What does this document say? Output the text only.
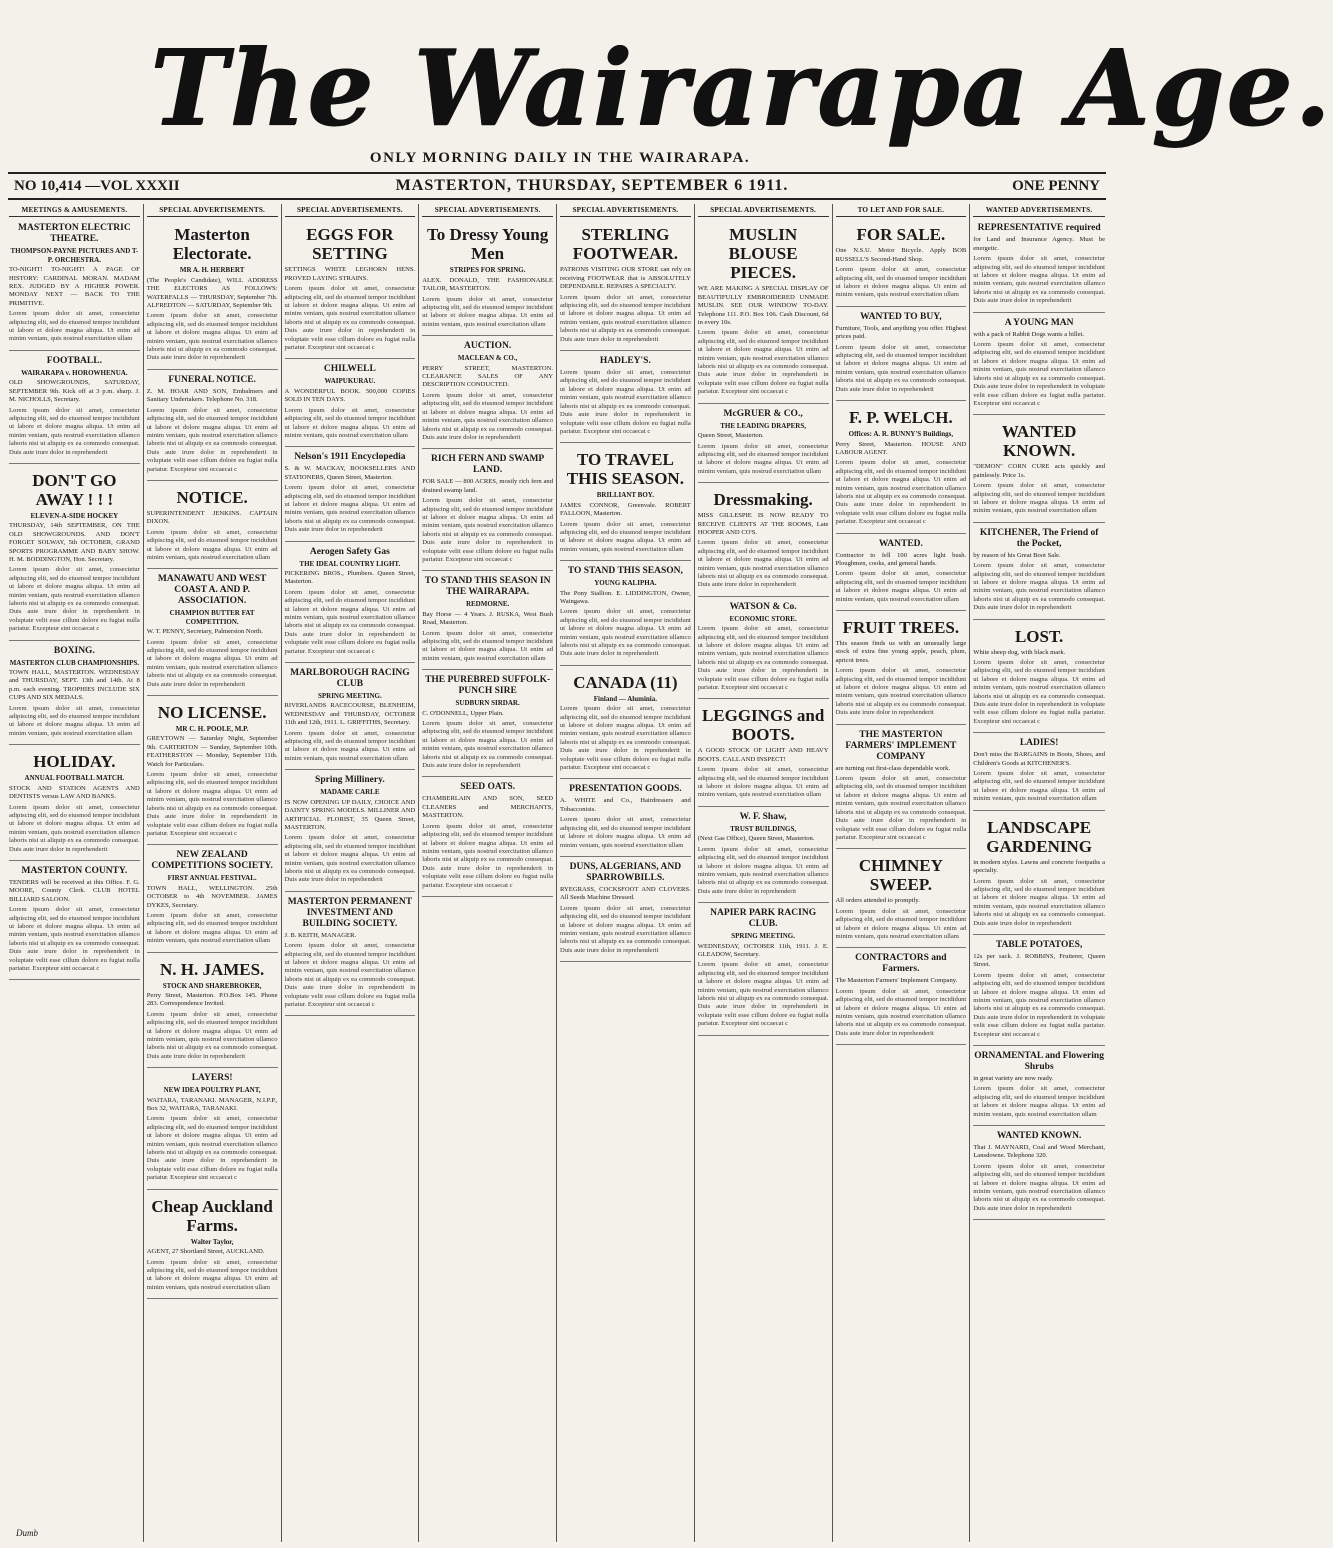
The Wairarapa Age.
ONLY MORNING DAILY IN THE WAIRARAPA.
NO 10,414 —VOL XXXII	MASTERTON, THURSDAY, SEPTEMBER 6 1911.	ONE PENNY
MEETINGS & AMUSEMENTS.
MASTERTON ELECTRIC THEATRE.
THOMPSON-PAYNE PICTURES AND T-P. ORCHESTRA.

TO-NIGHT! TO-NIGHT! A PAGE OF HISTORY: CARDINAL MORAN. MADAM REX. JUDGED BY A HIGHER POWER. MONDAY NEXT — BACK TO THE PRIMITIVE.

Lorem ipsum dolor sit amet, consectetur adipiscing elit, sed do eiusmod tempor incididunt ut labore et dolore magna aliqua. Ut enim ad minim veniam, quis nostrud exercitation ullam

FOOTBALL.
WAIRARAPA v. HOROWHENUA.

OLD SHOWGROUNDS, SATURDAY, SEPTEMBER 9th. Kick off at 3 p.m. sharp. J. M. NICHOLLS, Secretary.

Lorem ipsum dolor sit amet, consectetur adipiscing elit, sed do eiusmod tempor incididunt ut labore et dolore magna aliqua. Ut enim ad minim veniam, quis nostrud exercitation ullamco laboris nisi ut aliquip ex ea commodo consequat. Duis aute irure dolor in reprehenderit

DON'T GO AWAY ! ! !
ELEVEN-A-SIDE HOCKEY

THURSDAY, 14th SEPTEMBER, ON THE OLD SHOWGROUNDS. AND DON'T FORGET SOLWAY, 5th OCTOBER, GRAND SPORTS PROGRAMME AND BABY SHOW. H. M. BODDINGTON, Hon. Secretary.

Lorem ipsum dolor sit amet, consectetur adipiscing elit, sed do eiusmod tempor incididunt ut labore et dolore magna aliqua. Ut enim ad minim veniam, quis nostrud exercitation ullamco laboris nisi ut aliquip ex ea commodo consequat. Duis aute irure dolor in reprehenderit in voluptate velit esse cillum dolore eu fugiat nulla pariatur. Excepteur sint occaecat c

BOXING.
MASTERTON CLUB CHAMPIONSHIPS.

TOWN HALL, MASTERTON. WEDNESDAY and THURSDAY, SEPT. 13th and 14th. At 8 p.m. each evening. TROPHIES INCLUDE SIX CUPS AND SIX MEDALS.

Lorem ipsum dolor sit amet, consectetur adipiscing elit, sed do eiusmod tempor incididunt ut labore et dolore magna aliqua. Ut enim ad minim veniam, quis nostrud exercitation ullam

HOLIDAY.
ANNUAL FOOTBALL MATCH.

STOCK AND STATION AGENTS AND DENTISTS versus LAW AND BANKS.

Lorem ipsum dolor sit amet, consectetur adipiscing elit, sed do eiusmod tempor incididunt ut labore et dolore magna aliqua. Ut enim ad minim veniam, quis nostrud exercitation ullamco laboris nisi ut aliquip ex ea commodo consequat. Duis aute irure dolor in reprehenderit

MASTERTON COUNTY.

TENDERS will be received at this Office. F. G. MOORE, County Clerk. CLUB HOTEL BILLIARD SALOON.

Lorem ipsum dolor sit amet, consectetur adipiscing elit, sed do eiusmod tempor incididunt ut labore et dolore magna aliqua. Ut enim ad minim veniam, quis nostrud exercitation ullamco laboris nisi ut aliquip ex ea commodo consequat. Duis aute irure dolor in reprehenderit in voluptate velit esse cillum dolore eu fugiat nulla pariatur. Excepteur sint occaecat c

SPECIAL ADVERTISEMENTS.
Masterton Electorate.
MR A. H. HERBERT

(The People's Candidate), WILL ADDRESS THE ELECTORS AS FOLLOWS: WATERFALLS — THURSDAY, September 7th. ALFREDTON — SATURDAY, September 9th.

Lorem ipsum dolor sit amet, consectetur adipiscing elit, sed do eiusmod tempor incididunt ut labore et dolore magna aliqua. Ut enim ad minim veniam, quis nostrud exercitation ullamco laboris nisi ut aliquip ex ea commodo consequat. Duis aute irure dolor in reprehenderit

FUNERAL NOTICE.

Z. M. HOAR AND SON, Embalmers and Sanitary Undertakers. Telephone No. 318.

Lorem ipsum dolor sit amet, consectetur adipiscing elit, sed do eiusmod tempor incididunt ut labore et dolore magna aliqua. Ut enim ad minim veniam, quis nostrud exercitation ullamco laboris nisi ut aliquip ex ea commodo consequat. Duis aute irure dolor in reprehenderit in voluptate velit esse cillum dolore eu fugiat nulla pariatur. Excepteur sint occaecat c

NOTICE.

SUPERINTENDENT JENKINS. CAPTAIN DIXON.

Lorem ipsum dolor sit amet, consectetur adipiscing elit, sed do eiusmod tempor incididunt ut labore et dolore magna aliqua. Ut enim ad minim veniam, quis nostrud exercitation ullam

MANAWATU AND WEST COAST A. AND P. ASSOCIATION.
CHAMPION BUTTER FAT COMPETITION.

W. T. PENNY, Secretary, Palmerston North.

Lorem ipsum dolor sit amet, consectetur adipiscing elit, sed do eiusmod tempor incididunt ut labore et dolore magna aliqua. Ut enim ad minim veniam, quis nostrud exercitation ullamco laboris nisi ut aliquip ex ea commodo consequat. Duis aute irure dolor in reprehenderit

NO LICENSE.
MR C. H. POOLE, M.P.

GREYTOWN — Saturday Night, September 9th. CARTERTON — Sunday, September 10th. FEATHERSTON — Monday, September 11th. Watch for Particulars.

Lorem ipsum dolor sit amet, consectetur adipiscing elit, sed do eiusmod tempor incididunt ut labore et dolore magna aliqua. Ut enim ad minim veniam, quis nostrud exercitation ullamco laboris nisi ut aliquip ex ea commodo consequat. Duis aute irure dolor in reprehenderit in voluptate velit esse cillum dolore eu fugiat nulla pariatur. Excepteur sint occaecat c

NEW ZEALAND COMPETITIONS SOCIETY.
FIRST ANNUAL FESTIVAL.

TOWN HALL, WELLINGTON. 25th OCTOBER to 4th NOVEMBER. JAMES DYKES, Secretary.

Lorem ipsum dolor sit amet, consectetur adipiscing elit, sed do eiusmod tempor incididunt ut labore et dolore magna aliqua. Ut enim ad minim veniam, quis nostrud exercitation ullam

N. H. JAMES.
STOCK AND SHAREBROKER,

Perry Street, Masterton. P.O.Box 145. Phone 283. Correspondence Invited.

Lorem ipsum dolor sit amet, consectetur adipiscing elit, sed do eiusmod tempor incididunt ut labore et dolore magna aliqua. Ut enim ad minim veniam, quis nostrud exercitation ullamco laboris nisi ut aliquip ex ea commodo consequat. Duis aute irure dolor in reprehenderit

LAYERS!
NEW IDEA POULTRY PLANT,

WAITARA, TARANAKI. MANAGER, N.I.P.P., Box 32, WAITARA, TARANAKI.

Lorem ipsum dolor sit amet, consectetur adipiscing elit, sed do eiusmod tempor incididunt ut labore et dolore magna aliqua. Ut enim ad minim veniam, quis nostrud exercitation ullamco laboris nisi ut aliquip ex ea commodo consequat. Duis aute irure dolor in reprehenderit in voluptate velit esse cillum dolore eu fugiat nulla pariatur. Excepteur sint occaecat c

Cheap Auckland Farms.
Walter Taylor,

AGENT, 27 Shortland Street, AUCKLAND.

Lorem ipsum dolor sit amet, consectetur adipiscing elit, sed do eiusmod tempor incididunt ut labore et dolore magna aliqua. Ut enim ad minim veniam, quis nostrud exercitation ullam

SPECIAL ADVERTISEMENTS.
EGGS FOR SETTING

SETTINGS WHITE LEGHORN HENS. PROVED LAYING STRAINS.

Lorem ipsum dolor sit amet, consectetur adipiscing elit, sed do eiusmod tempor incididunt ut labore et dolore magna aliqua. Ut enim ad minim veniam, quis nostrud exercitation ullamco laboris nisi ut aliquip ex ea commodo consequat. Duis aute irure dolor in reprehenderit in voluptate velit esse cillum dolore eu fugiat nulla pariatur. Excepteur sint occaecat c

CHILWELL
WAIPUKURAU.

A WONDERFUL BOOK. 500,000 COPIES SOLD IN TEN DAYS.

Lorem ipsum dolor sit amet, consectetur adipiscing elit, sed do eiusmod tempor incididunt ut labore et dolore magna aliqua. Ut enim ad minim veniam, quis nostrud exercitation ullam

Nelson's 1911 Encyclopedia

S. & W. MACKAY, BOOKSELLERS AND STATIONERS, Queen Street, Masterton.

Lorem ipsum dolor sit amet, consectetur adipiscing elit, sed do eiusmod tempor incididunt ut labore et dolore magna aliqua. Ut enim ad minim veniam, quis nostrud exercitation ullamco laboris nisi ut aliquip ex ea commodo consequat. Duis aute irure dolor in reprehenderit

Aerogen Safety Gas
THE IDEAL COUNTRY LIGHT.

PICKERING BROS., Plumbers. Queen Street, Masterton.

Lorem ipsum dolor sit amet, consectetur adipiscing elit, sed do eiusmod tempor incididunt ut labore et dolore magna aliqua. Ut enim ad minim veniam, quis nostrud exercitation ullamco laboris nisi ut aliquip ex ea commodo consequat. Duis aute irure dolor in reprehenderit in voluptate velit esse cillum dolore eu fugiat nulla pariatur. Excepteur sint occaecat c

MARLBOROUGH RACING CLUB
SPRING MEETING.

RIVERLANDS RACECOURSE, BLENHEIM, WEDNESDAY and THURSDAY, OCTOBER 11th and 12th, 1911. L. GRIFFITHS, Secretary.

Lorem ipsum dolor sit amet, consectetur adipiscing elit, sed do eiusmod tempor incididunt ut labore et dolore magna aliqua. Ut enim ad minim veniam, quis nostrud exercitation ullam

Spring Millinery.
MADAME CARLE

IS NOW OPENING UP DAILY, CHOICE AND DAINTY SPRING MODELS. MILLINER AND ARTIFICIAL FLORIST, 35 Queen Street, MASTERTON.

Lorem ipsum dolor sit amet, consectetur adipiscing elit, sed do eiusmod tempor incididunt ut labore et dolore magna aliqua. Ut enim ad minim veniam, quis nostrud exercitation ullamco laboris nisi ut aliquip ex ea commodo consequat. Duis aute irure dolor in reprehenderit

MASTERTON PERMANENT INVESTMENT AND BUILDING SOCIETY.

J. B. KEITH, MANAGER.

Lorem ipsum dolor sit amet, consectetur adipiscing elit, sed do eiusmod tempor incididunt ut labore et dolore magna aliqua. Ut enim ad minim veniam, quis nostrud exercitation ullamco laboris nisi ut aliquip ex ea commodo consequat. Duis aute irure dolor in reprehenderit in voluptate velit esse cillum dolore eu fugiat nulla pariatur. Excepteur sint occaecat c

SPECIAL ADVERTISEMENTS.
To Dressy Young Men
STRIPES FOR SPRING.

ALEX. DONALD, THE FASHIONABLE TAILOR, MASTERTON.

Lorem ipsum dolor sit amet, consectetur adipiscing elit, sed do eiusmod tempor incididunt ut labore et dolore magna aliqua. Ut enim ad minim veniam, quis nostrud exercitation ullam

AUCTION.
MACLEAN & CO.,

PERRY STREET, MASTERTON. CLEARANCE SALES OF ANY DESCRIPTION CONDUCTED.

Lorem ipsum dolor sit amet, consectetur adipiscing elit, sed do eiusmod tempor incididunt ut labore et dolore magna aliqua. Ut enim ad minim veniam, quis nostrud exercitation ullamco laboris nisi ut aliquip ex ea commodo consequat. Duis aute irure dolor in reprehenderit

RICH FERN AND SWAMP LAND.

FOR SALE — 800 ACRES, mostly rich fern and drained swamp land.

Lorem ipsum dolor sit amet, consectetur adipiscing elit, sed do eiusmod tempor incididunt ut labore et dolore magna aliqua. Ut enim ad minim veniam, quis nostrud exercitation ullamco laboris nisi ut aliquip ex ea commodo consequat. Duis aute irure dolor in reprehenderit in voluptate velit esse cillum dolore eu fugiat nulla pariatur. Excepteur sint occaecat c

TO STAND THIS SEASON IN THE WAIRARAPA.
REDMORNE.

Bay Horse — 4 Years. J. RUSKA, West Bush Road, Masterton.

Lorem ipsum dolor sit amet, consectetur adipiscing elit, sed do eiusmod tempor incididunt ut labore et dolore magna aliqua. Ut enim ad minim veniam, quis nostrud exercitation ullam

THE PUREBRED SUFFOLK-PUNCH SIRE
SUDBURN SIRDAR.

C. O'DONNELL, Upper Plain.

Lorem ipsum dolor sit amet, consectetur adipiscing elit, sed do eiusmod tempor incididunt ut labore et dolore magna aliqua. Ut enim ad minim veniam, quis nostrud exercitation ullamco laboris nisi ut aliquip ex ea commodo consequat. Duis aute irure dolor in reprehenderit

SEED OATS.

CHAMBERLAIN AND SON, SEED CLEANERS and MERCHANTS, MASTERTON.

Lorem ipsum dolor sit amet, consectetur adipiscing elit, sed do eiusmod tempor incididunt ut labore et dolore magna aliqua. Ut enim ad minim veniam, quis nostrud exercitation ullamco laboris nisi ut aliquip ex ea commodo consequat. Duis aute irure dolor in reprehenderit in voluptate velit esse cillum dolore eu fugiat nulla pariatur. Excepteur sint occaecat c

SPECIAL ADVERTISEMENTS.
STERLING FOOTWEAR.

PATRONS VISITING OUR STORE can rely on receiving FOOTWEAR that is ABSOLUTELY DEPENDABLE. REPAIRS A SPECIALTY.

Lorem ipsum dolor sit amet, consectetur adipiscing elit, sed do eiusmod tempor incididunt ut labore et dolore magna aliqua. Ut enim ad minim veniam, quis nostrud exercitation ullamco laboris nisi ut aliquip ex ea commodo consequat. Duis aute irure dolor in reprehenderit

HADLEY'S.

Lorem ipsum dolor sit amet, consectetur adipiscing elit, sed do eiusmod tempor incididunt ut labore et dolore magna aliqua. Ut enim ad minim veniam, quis nostrud exercitation ullamco laboris nisi ut aliquip ex ea commodo consequat. Duis aute irure dolor in reprehenderit in voluptate velit esse cillum dolore eu fugiat nulla pariatur. Excepteur sint occaecat c

TO TRAVEL THIS SEASON.
BRILLIANT BOY.

JAMES CONNOR, Greenvale. ROBERT FALLOON, Masterton.

Lorem ipsum dolor sit amet, consectetur adipiscing elit, sed do eiusmod tempor incididunt ut labore et dolore magna aliqua. Ut enim ad minim veniam, quis nostrud exercitation ullam

TO STAND THIS SEASON,
YOUNG KALIPHA.

The Pony Stallion. E. LIDDINGTON, Owner, Waingawa.

Lorem ipsum dolor sit amet, consectetur adipiscing elit, sed do eiusmod tempor incididunt ut labore et dolore magna aliqua. Ut enim ad minim veniam, quis nostrud exercitation ullamco laboris nisi ut aliquip ex ea commodo consequat. Duis aute irure dolor in reprehenderit

CANADA (11)
Finland — Aluminia.

Lorem ipsum dolor sit amet, consectetur adipiscing elit, sed do eiusmod tempor incididunt ut labore et dolore magna aliqua. Ut enim ad minim veniam, quis nostrud exercitation ullamco laboris nisi ut aliquip ex ea commodo consequat. Duis aute irure dolor in reprehenderit in voluptate velit esse cillum dolore eu fugiat nulla pariatur. Excepteur sint occaecat c

PRESENTATION GOODS.

A. WHITE and Co., Hairdressers and Tobacconists.

Lorem ipsum dolor sit amet, consectetur adipiscing elit, sed do eiusmod tempor incididunt ut labore et dolore magna aliqua. Ut enim ad minim veniam, quis nostrud exercitation ullam

DUNS, ALGERIANS, AND SPARROWBILLS.

RYEGRASS, COCKSFOOT AND CLOVERS. All Seeds Machine Dressed.

Lorem ipsum dolor sit amet, consectetur adipiscing elit, sed do eiusmod tempor incididunt ut labore et dolore magna aliqua. Ut enim ad minim veniam, quis nostrud exercitation ullamco laboris nisi ut aliquip ex ea commodo consequat. Duis aute irure dolor in reprehenderit

SPECIAL ADVERTISEMENTS.
MUSLIN BLOUSE PIECES.

WE ARE MAKING A SPECIAL DISPLAY OF BEAUTIFULLY EMBROIDERED UNMADE MUSLIN. SEE OUR WINDOW TO-DAY. Telephone 111. P.O. Box 106. Cash Discount, 6d in every 10s.

Lorem ipsum dolor sit amet, consectetur adipiscing elit, sed do eiusmod tempor incididunt ut labore et dolore magna aliqua. Ut enim ad minim veniam, quis nostrud exercitation ullamco laboris nisi ut aliquip ex ea commodo consequat. Duis aute irure dolor in reprehenderit in voluptate velit esse cillum dolore eu fugiat nulla pariatur. Excepteur sint occaecat c

McGRUER & CO.,
THE LEADING DRAPERS,

Queen Street, Masterton.

Lorem ipsum dolor sit amet, consectetur adipiscing elit, sed do eiusmod tempor incididunt ut labore et dolore magna aliqua. Ut enim ad minim veniam, quis nostrud exercitation ullam

Dressmaking.

MISS GILLESPIE IS NOW READY TO RECEIVE CLIENTS AT THE ROOMS, Late HOOPER AND CO'S.

Lorem ipsum dolor sit amet, consectetur adipiscing elit, sed do eiusmod tempor incididunt ut labore et dolore magna aliqua. Ut enim ad minim veniam, quis nostrud exercitation ullamco laboris nisi ut aliquip ex ea commodo consequat. Duis aute irure dolor in reprehenderit

WATSON & Co.
ECONOMIC STORE.

Lorem ipsum dolor sit amet, consectetur adipiscing elit, sed do eiusmod tempor incididunt ut labore et dolore magna aliqua. Ut enim ad minim veniam, quis nostrud exercitation ullamco laboris nisi ut aliquip ex ea commodo consequat. Duis aute irure dolor in reprehenderit in voluptate velit esse cillum dolore eu fugiat nulla pariatur. Excepteur sint occaecat c

LEGGINGS and BOOTS.

A GOOD STOCK OF LIGHT AND HEAVY BOOTS. CALL AND INSPECT!

Lorem ipsum dolor sit amet, consectetur adipiscing elit, sed do eiusmod tempor incididunt ut labore et dolore magna aliqua. Ut enim ad minim veniam, quis nostrud exercitation ullam

W. F. Shaw,
TRUST BUILDINGS,

(Next Gas Office), Queen Street, Masterton.

Lorem ipsum dolor sit amet, consectetur adipiscing elit, sed do eiusmod tempor incididunt ut labore et dolore magna aliqua. Ut enim ad minim veniam, quis nostrud exercitation ullamco laboris nisi ut aliquip ex ea commodo consequat. Duis aute irure dolor in reprehenderit

NAPIER PARK RACING CLUB.
SPRING MEETING.

WEDNESDAY, OCTOBER 11th, 1911. J. E. GLEADOW, Secretary.

Lorem ipsum dolor sit amet, consectetur adipiscing elit, sed do eiusmod tempor incididunt ut labore et dolore magna aliqua. Ut enim ad minim veniam, quis nostrud exercitation ullamco laboris nisi ut aliquip ex ea commodo consequat. Duis aute irure dolor in reprehenderit in voluptate velit esse cillum dolore eu fugiat nulla pariatur. Excepteur sint occaecat c

TO LET AND FOR SALE.
FOR SALE.

One N.S.U. Motor Bicycle. Apply BOB RUSSELL'S Second-Hand Shop.

Lorem ipsum dolor sit amet, consectetur adipiscing elit, sed do eiusmod tempor incididunt ut labore et dolore magna aliqua. Ut enim ad minim veniam, quis nostrud exercitation ullam

WANTED TO BUY,

Furniture, Tools, and anything you offer. Highest prices paid.

Lorem ipsum dolor sit amet, consectetur adipiscing elit, sed do eiusmod tempor incididunt ut labore et dolore magna aliqua. Ut enim ad minim veniam, quis nostrud exercitation ullamco laboris nisi ut aliquip ex ea commodo consequat. Duis aute irure dolor in reprehenderit

F. P. WELCH.
Offices: A. R. BUNNY'S Buildings,

Perry Street, Masterton. HOUSE AND LABOUR AGENT.

Lorem ipsum dolor sit amet, consectetur adipiscing elit, sed do eiusmod tempor incididunt ut labore et dolore magna aliqua. Ut enim ad minim veniam, quis nostrud exercitation ullamco laboris nisi ut aliquip ex ea commodo consequat. Duis aute irure dolor in reprehenderit in voluptate velit esse cillum dolore eu fugiat nulla pariatur. Excepteur sint occaecat c

WANTED.

Contractor to fell 100 acres light bush. Ploughmen, cooks, and general hands.

Lorem ipsum dolor sit amet, consectetur adipiscing elit, sed do eiusmod tempor incididunt ut labore et dolore magna aliqua. Ut enim ad minim veniam, quis nostrud exercitation ullam

FRUIT TREES.

This season finds us with an unusually large stock of extra fine young apple, peach, plum, apricot trees.

Lorem ipsum dolor sit amet, consectetur adipiscing elit, sed do eiusmod tempor incididunt ut labore et dolore magna aliqua. Ut enim ad minim veniam, quis nostrud exercitation ullamco laboris nisi ut aliquip ex ea commodo consequat. Duis aute irure dolor in reprehenderit

THE MASTERTON FARMERS' IMPLEMENT COMPANY

are turning out first-class dependable work.

Lorem ipsum dolor sit amet, consectetur adipiscing elit, sed do eiusmod tempor incididunt ut labore et dolore magna aliqua. Ut enim ad minim veniam, quis nostrud exercitation ullamco laboris nisi ut aliquip ex ea commodo consequat. Duis aute irure dolor in reprehenderit in voluptate velit esse cillum dolore eu fugiat nulla pariatur. Excepteur sint occaecat c

CHIMNEY SWEEP.

All orders attended to promptly.

Lorem ipsum dolor sit amet, consectetur adipiscing elit, sed do eiusmod tempor incididunt ut labore et dolore magna aliqua. Ut enim ad minim veniam, quis nostrud exercitation ullam

CONTRACTORS and Farmers.

The Masterton Farmers' Implement Company.

Lorem ipsum dolor sit amet, consectetur adipiscing elit, sed do eiusmod tempor incididunt ut labore et dolore magna aliqua. Ut enim ad minim veniam, quis nostrud exercitation ullamco laboris nisi ut aliquip ex ea commodo consequat. Duis aute irure dolor in reprehenderit

WANTED ADVERTISEMENTS.
REPRESENTATIVE required

for Land and Insurance Agency. Must be energetic.

Lorem ipsum dolor sit amet, consectetur adipiscing elit, sed do eiusmod tempor incididunt ut labore et dolore magna aliqua. Ut enim ad minim veniam, quis nostrud exercitation ullamco laboris nisi ut aliquip ex ea commodo consequat. Duis aute irure dolor in reprehenderit

A YOUNG MAN

with a pack of Rabbit Dogs wants a billet.

Lorem ipsum dolor sit amet, consectetur adipiscing elit, sed do eiusmod tempor incididunt ut labore et dolore magna aliqua. Ut enim ad minim veniam, quis nostrud exercitation ullamco laboris nisi ut aliquip ex ea commodo consequat. Duis aute irure dolor in reprehenderit in voluptate velit esse cillum dolore eu fugiat nulla pariatur. Excepteur sint occaecat c

WANTED KNOWN.

"DEMON" CORN CURE acts quickly and painlessly. Price 1s.

Lorem ipsum dolor sit amet, consectetur adipiscing elit, sed do eiusmod tempor incididunt ut labore et dolore magna aliqua. Ut enim ad minim veniam, quis nostrud exercitation ullam

KITCHENER, The Friend of the Pocket,

by reason of his Great Boot Sale.

Lorem ipsum dolor sit amet, consectetur adipiscing elit, sed do eiusmod tempor incididunt ut labore et dolore magna aliqua. Ut enim ad minim veniam, quis nostrud exercitation ullamco laboris nisi ut aliquip ex ea commodo consequat. Duis aute irure dolor in reprehenderit

LOST.

White sheep dog, with black mark.

Lorem ipsum dolor sit amet, consectetur adipiscing elit, sed do eiusmod tempor incididunt ut labore et dolore magna aliqua. Ut enim ad minim veniam, quis nostrud exercitation ullamco laboris nisi ut aliquip ex ea commodo consequat. Duis aute irure dolor in reprehenderit in voluptate velit esse cillum dolore eu fugiat nulla pariatur. Excepteur sint occaecat c

LADIES!

Don't miss the BARGAINS in Boots, Shoes, and Children's Goods at KITCHENER'S.

Lorem ipsum dolor sit amet, consectetur adipiscing elit, sed do eiusmod tempor incididunt ut labore et dolore magna aliqua. Ut enim ad minim veniam, quis nostrud exercitation ullam

LANDSCAPE GARDENING

in modern styles. Lawns and concrete footpaths a specialty.

Lorem ipsum dolor sit amet, consectetur adipiscing elit, sed do eiusmod tempor incididunt ut labore et dolore magna aliqua. Ut enim ad minim veniam, quis nostrud exercitation ullamco laboris nisi ut aliquip ex ea commodo consequat. Duis aute irure dolor in reprehenderit

TABLE POTATOES,

12s per sack. J. ROBBINS, Fruiterer, Queen Street.

Lorem ipsum dolor sit amet, consectetur adipiscing elit, sed do eiusmod tempor incididunt ut labore et dolore magna aliqua. Ut enim ad minim veniam, quis nostrud exercitation ullamco laboris nisi ut aliquip ex ea commodo consequat. Duis aute irure dolor in reprehenderit in voluptate velit esse cillum dolore eu fugiat nulla pariatur. Excepteur sint occaecat c

ORNAMENTAL and Flowering Shrubs

in great variety are now ready.

Lorem ipsum dolor sit amet, consectetur adipiscing elit, sed do eiusmod tempor incididunt ut labore et dolore magna aliqua. Ut enim ad minim veniam, quis nostrud exercitation ullam

WANTED KNOWN.

That J. MAYNARD, Coal and Wood Merchant, Lansdowne. Telephone 320.

Lorem ipsum dolor sit amet, consectetur adipiscing elit, sed do eiusmod tempor incididunt ut labore et dolore magna aliqua. Ut enim ad minim veniam, quis nostrud exercitation ullamco laboris nisi ut aliquip ex ea commodo consequat. Duis aute irure dolor in reprehenderit

Dumb
